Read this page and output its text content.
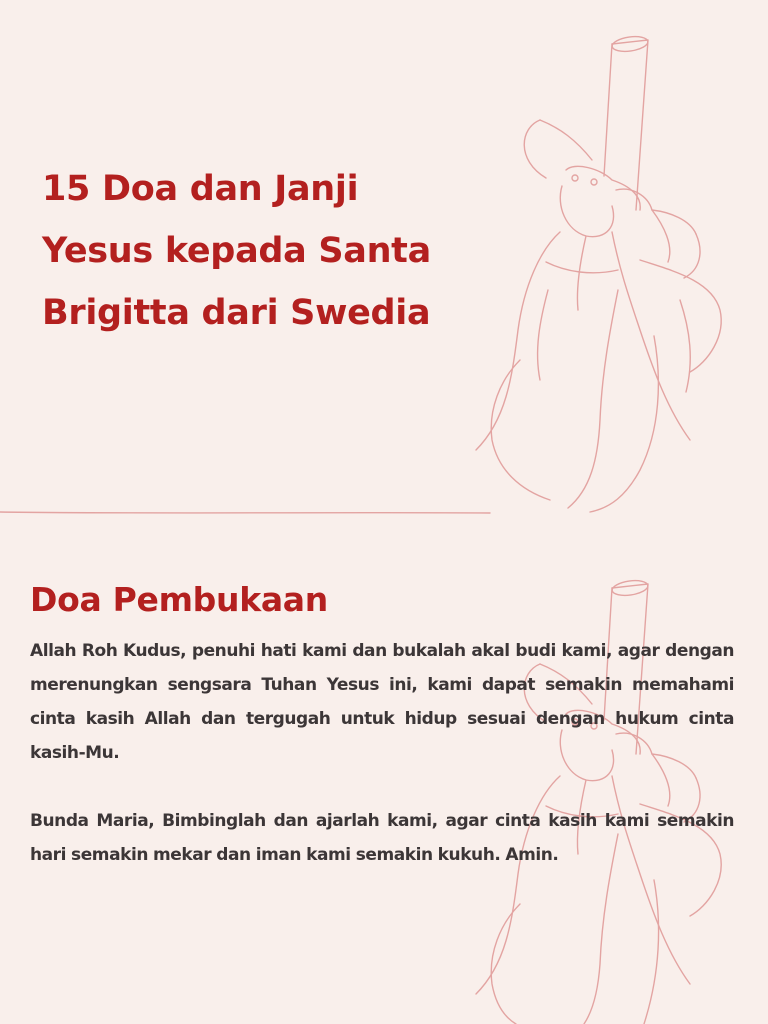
15 Doa dan Janji Yesus kepada Santa Brigitta dari Swedia
Doa Pembukaan

Allah Roh Kudus, penuhi hati kami dan bukalah akal budi kami, agar dengan merenungkan sengsara Tuhan Yesus ini, kami dapat semakin memahami cinta kasih Allah dan tergugah untuk hidup sesuai dengan hukum cinta kasih-Mu.

Bunda Maria, Bimbinglah dan ajarlah kami, agar cinta kasih kami semakin hari semakin mekar dan iman kami semakin kukuh. Amin.
